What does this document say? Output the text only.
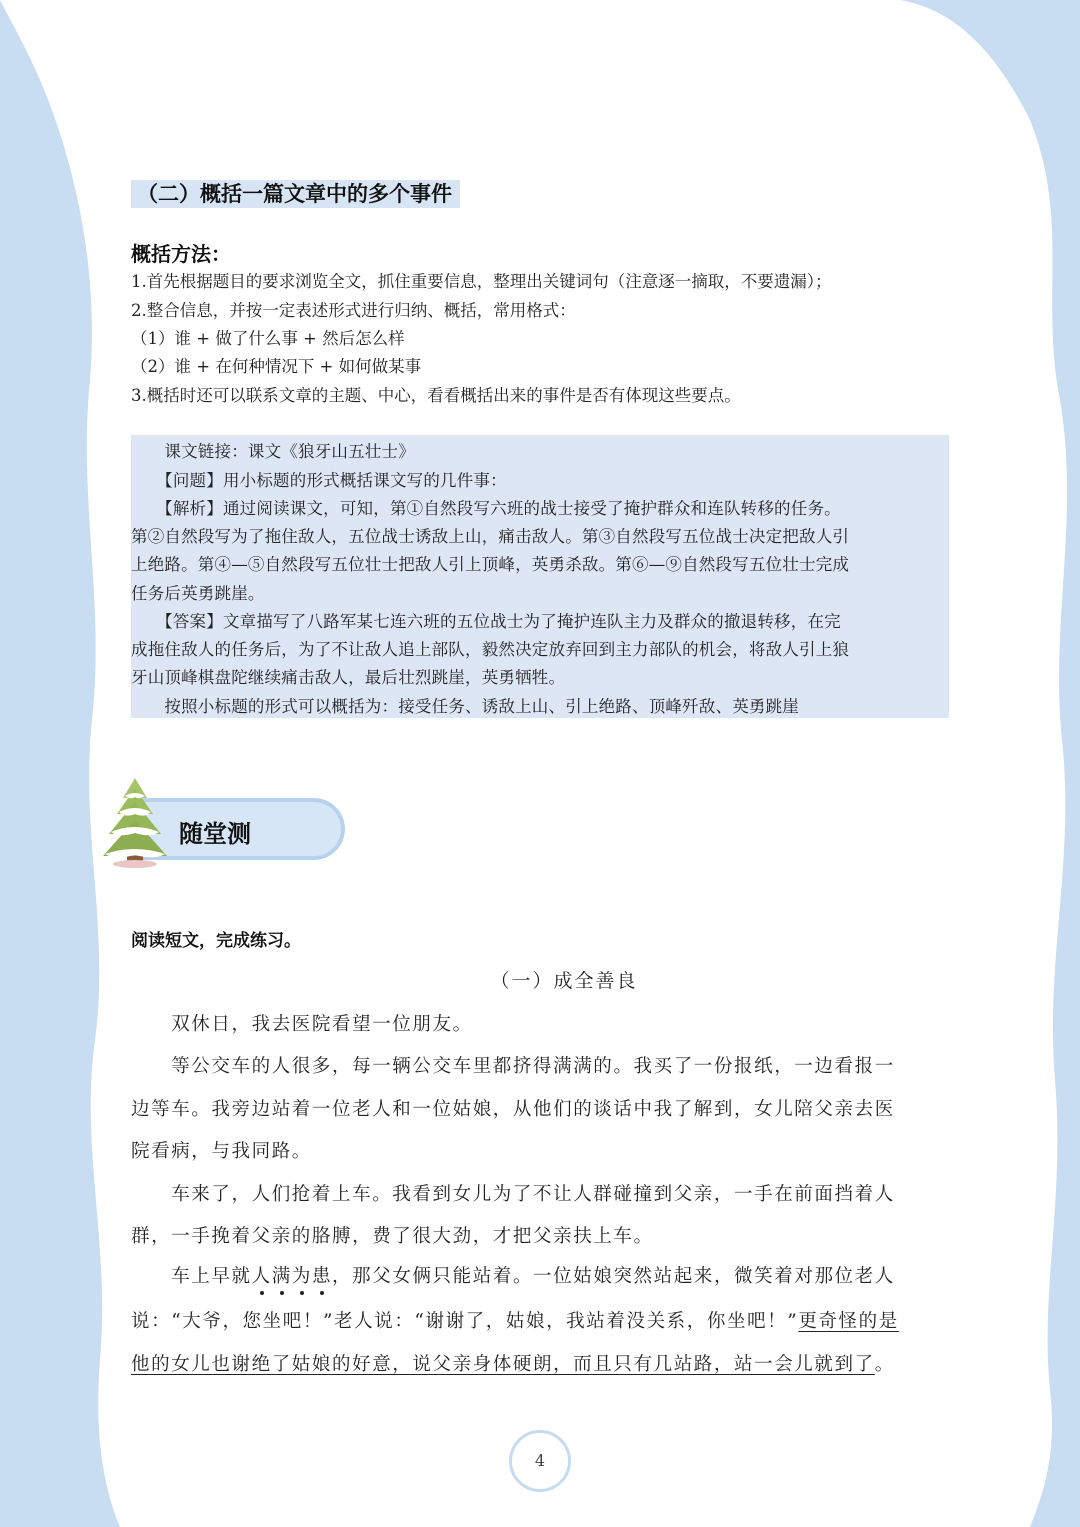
（二）概括一篇文章中的多个事件
概括方法：
1.首先根据题目的要求浏览全文，抓住重要信息，整理出关键词句（注意逐一摘取，不要遗漏）；
2.整合信息，并按一定表述形式进行归纳、概括，常用格式：
（1）谁 + 做了什么事 + 然后怎么样
（2）谁 + 在何种情况下 + 如何做某事
3.概括时还可以联系文章的主题、中心，看看概括出来的事件是否有体现这些要点。
　　课文链接：课文《狼牙山五壮士》
　　【问题】用小标题的形式概括课文写的几件事：
　　【解析】通过阅读课文，可知，第①自然段写六班的战士接受了掩护群众和连队转移的任务。
第②自然段写为了拖住敌人，五位战士诱敌上山，痛击敌人。第③自然段写五位战士决定把敌人引
上绝路。第④—⑤自然段写五位壮士把敌人引上顶峰，英勇杀敌。第⑥—⑨自然段写五位壮士完成
任务后英勇跳崖。
　　【答案】文章描写了八路军某七连六班的五位战士为了掩护连队主力及群众的撤退转移，在完
成拖住敌人的任务后，为了不让敌人追上部队，毅然决定放弃回到主力部队的机会，将敌人引上狼
牙山顶峰棋盘陀继续痛击敌人，最后壮烈跳崖，英勇牺牲。
　　按照小标题的形式可以概括为：接受任务、诱敌上山、引上绝路、顶峰歼敌、英勇跳崖
随堂测
阅读短文，完成练习。
（一）成全善良
　　双休日，我去医院看望一位朋友。
　　等公交车的人很多，每一辆公交车里都挤得满满的。我买了一份报纸，一边看报一
边等车。我旁边站着一位老人和一位姑娘，从他们的谈话中我了解到，女儿陪父亲去医
院看病，与我同路。
　　车来了，人们抢着上车。我看到女儿为了不让人群碰撞到父亲，一手在前面挡着人
群，一手挽着父亲的胳膊，费了很大劲，才把父亲扶上车。
　　车上早就人满为患，那父女俩只能站着。一位姑娘突然站起来，微笑着对那位老人
说：“大爷，您坐吧！”老人说：“谢谢了，姑娘，我站着没关系，你坐吧！”更奇怪的是
他的女儿也谢绝了姑娘的好意，说父亲身体硬朗，而且只有几站路，站一会儿就到了。
4
